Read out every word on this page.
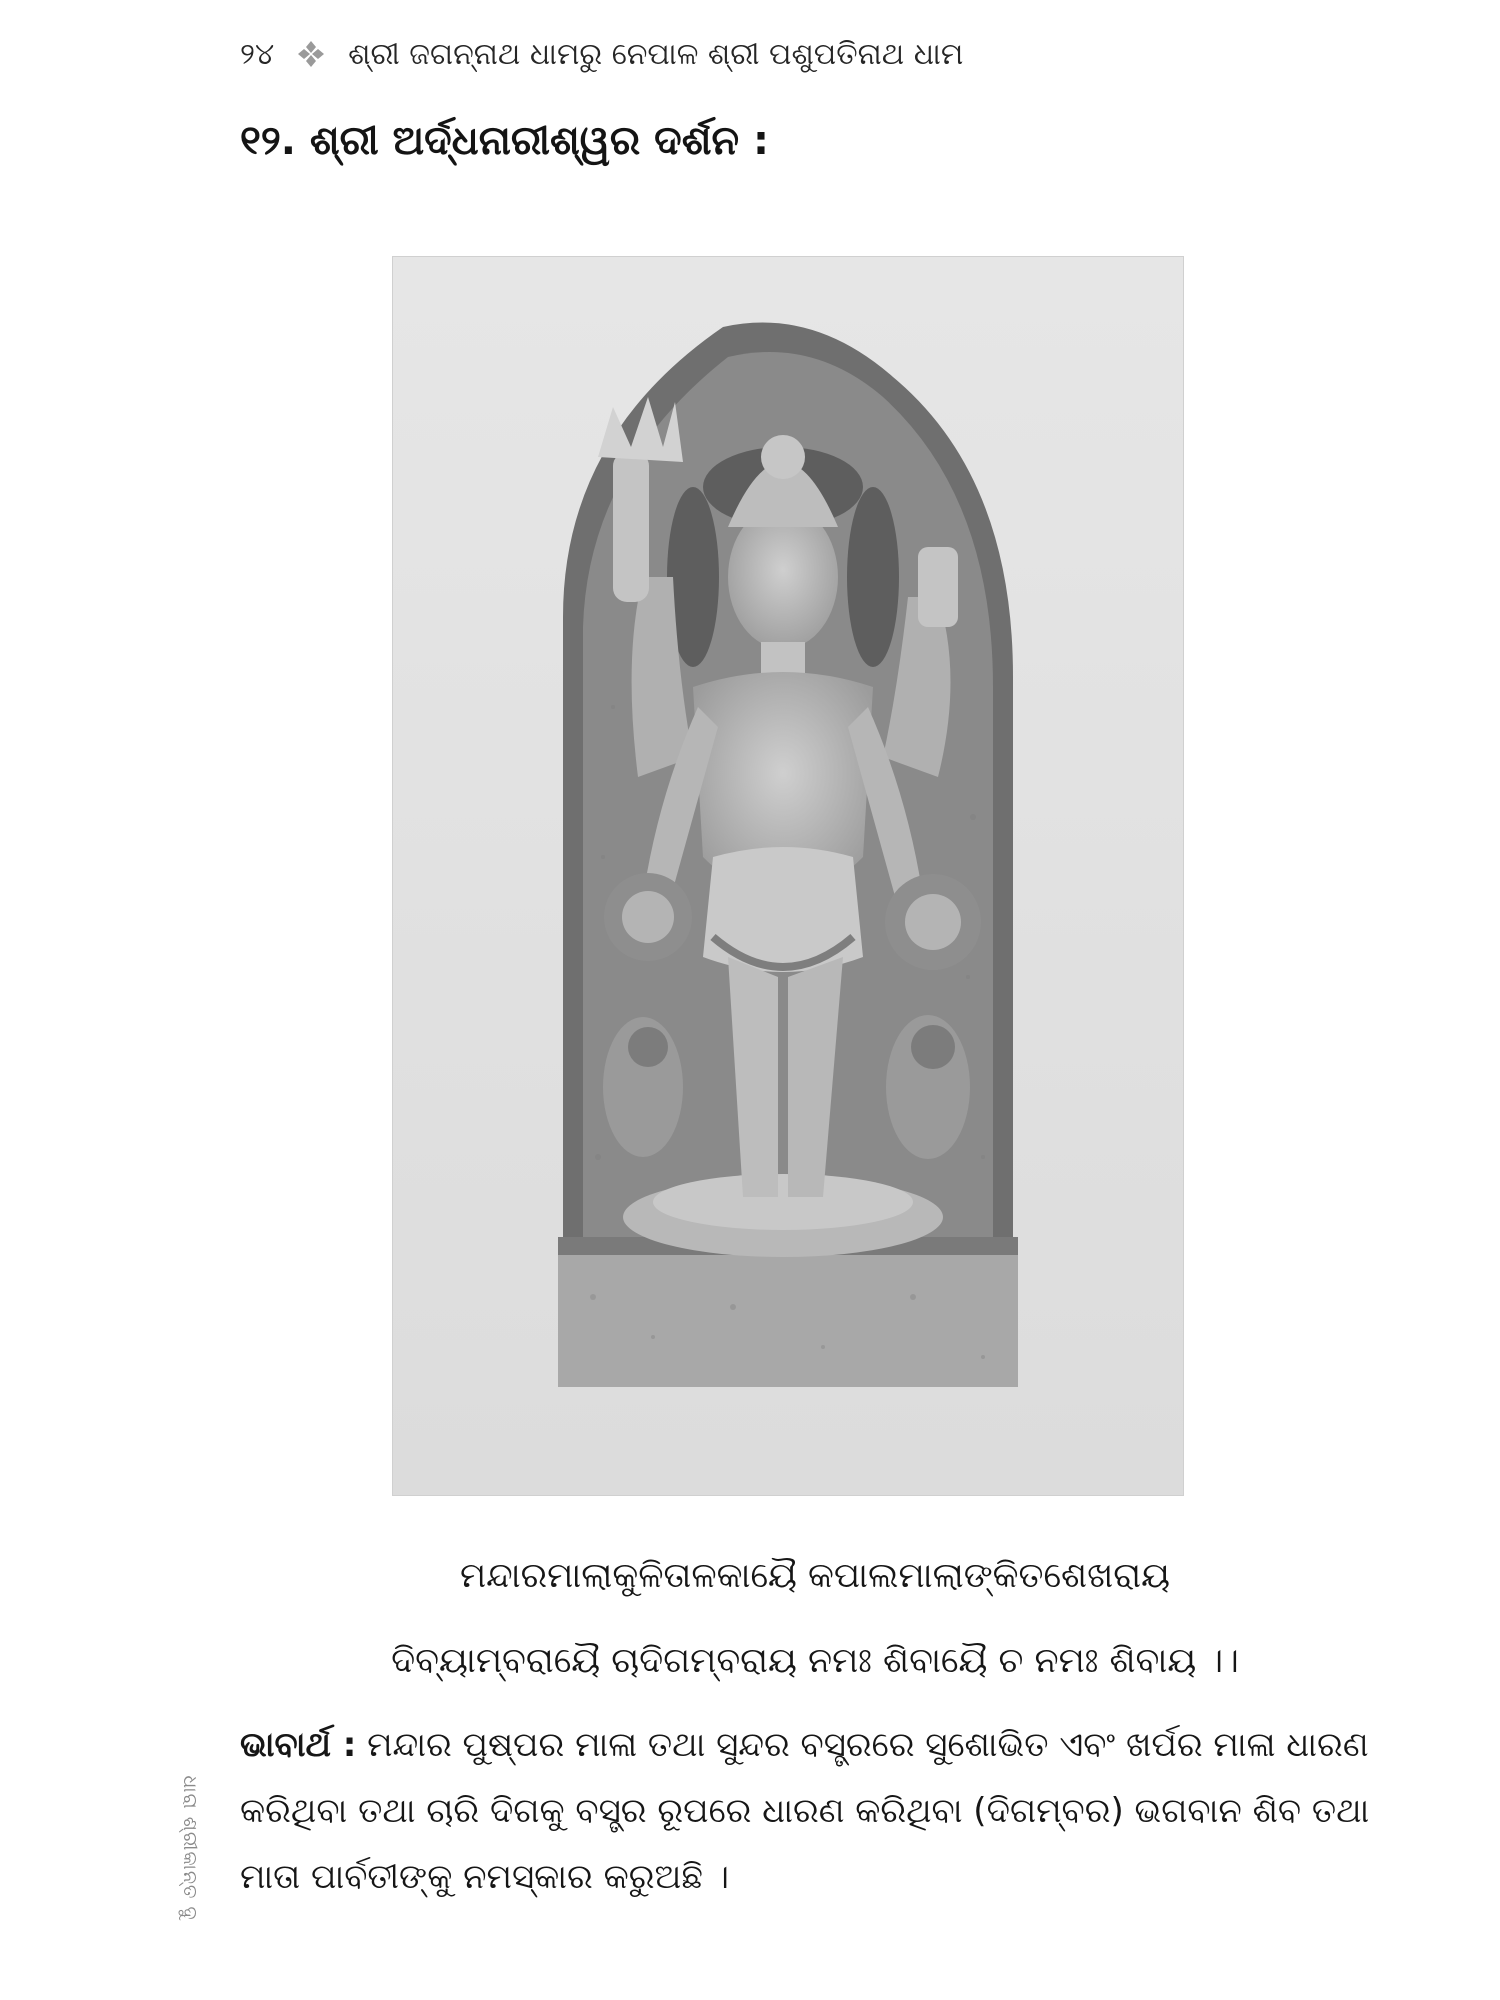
୨୪ ଶ୍ରୀ ଜଗନ୍ନାଥ ଧାମରୁ ନେପାଳ ଶ୍ରୀ ପଶୁପତିନାଥ ଧାମ
୧୨. ଶ୍ରୀ ଅର୍ଦ୍ଧନାରୀଶ୍ୱର ଦର୍ଶନ :
ମନ୍ଦାରମାଲାକୁଳିତାଳକାୟୈ କପାଲମାଲାଙ୍କିତଶେଖରାୟ
ଦିବ୍ୟାମ୍ବରାୟୈ ଚାଦିଗମ୍ବରାୟ ନମଃ ଶିବାୟୈ ଚ ନମଃ ଶିବାୟ ।।
ଭାବାର୍ଥ : ମନ୍ଦାର ପୁଷ୍ପର ମାଳା ତଥା ସୁନ୍ଦର ବସ୍ତ୍ରରେ ସୁଶୋଭିତ ଏବଂ ଖର୍ପର ମାଳା ଧାରଣ କରିଥିବା ତଥା ଚାରି ଦିଗକୁ ବସ୍ତ୍ର ରୂପରେ ଧାରଣ କରିଥିବା (ଦିଗମ୍ବର) ଭଗବାନ ଶିବ ତଥା ମାତା ପାର୍ବତୀଙ୍କୁ ନମସ୍କାର କରୁଅଛି ।
ଧାରା ଶ୍ରୀକାନ୍ତ ଦୁ
